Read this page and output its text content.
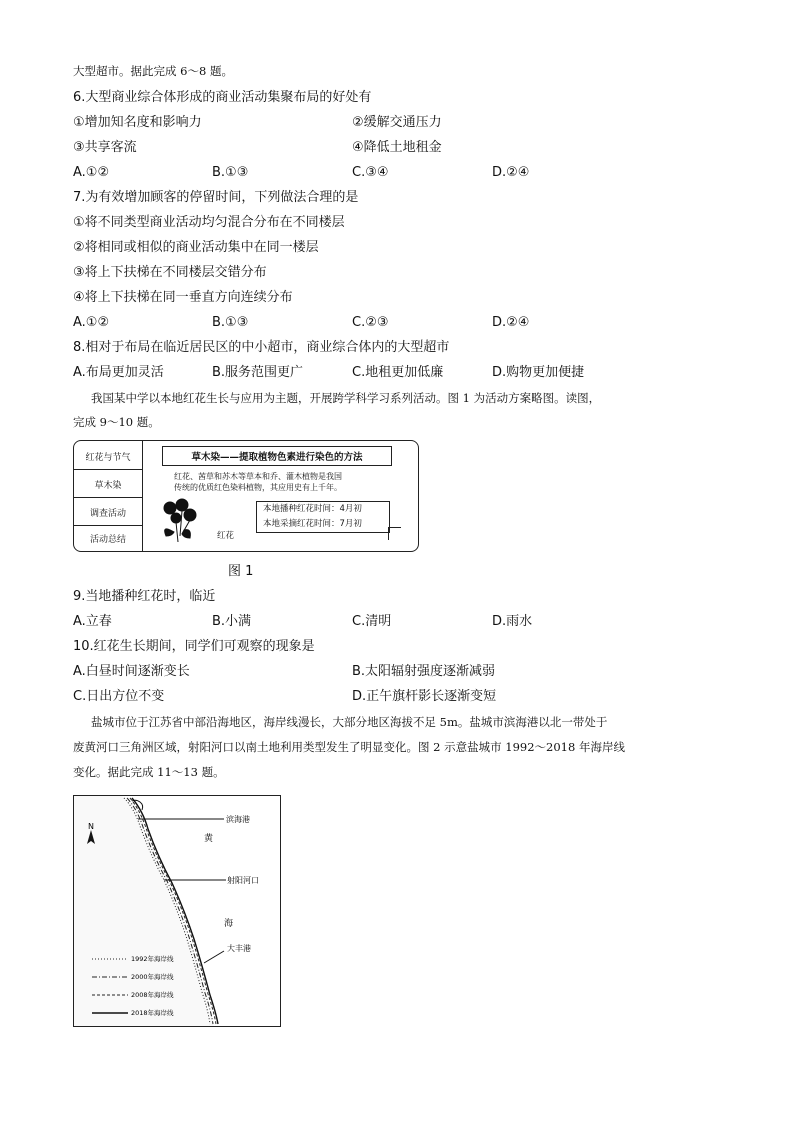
大型超市。据此完成 6～8 题。
6.大型商业综合体形成的商业活动集聚布局的好处有
①增加知名度和影响力	②缓解交通压力
③共享客流	④降低土地租金
A.①②	B.①③	C.③④	D.②④
7.为有效增加顾客的停留时间，下列做法合理的是
①将不同类型商业活动均匀混合分布在不同楼层
②将相同或相似的商业活动集中在同一楼层
③将上下扶梯在不同楼层交错分布
④将上下扶梯在同一垂直方向连续分布
A.①②	B.①③	C.②③	D.②④
8.相对于布局在临近居民区的中小超市，商业综合体内的大型超市
A.布局更加灵活	B.服务范围更广	C.地租更加低廉	D.购物更加便捷
我国某中学以本地红花生长与应用为主题，开展跨学科学习系列活动。图 1 为活动方案略图。读图，
完成 9～10 题。
红花与节气
草木染
调查活动
活动总结
草木染——提取植物色素进行染色的方法
红花、茜草和苏木等草本和乔、灌木植物是我国
传统的优质红色染料植物，其应用史有上千年。
红花
本地播种红花时间：4月初
本地采摘红花时间：7月初
图 1
9.当地播种红花时，临近
A.立春	B.小满	C.清明	D.雨水
10.红花生长期间，同学们可观察的现象是
A.白昼时间逐渐变长	B.太阳辐射强度逐渐减弱
C.日出方位不变	D.正午旗杆影长逐渐变短
盐城市位于江苏省中部沿海地区，海岸线漫长，大部分地区海拔不足 5m。盐城市滨海港以北一带处于
废黄河口三角洲区域，射阳河口以南土地利用类型发生了明显变化。图 2 示意盐城市 1992～2018 年海岸线
变化。据此完成 11～13 题。
N
滨海港
射阳河口
大丰港
黄
海
1992年海岸线
2000年海岸线
2008年海岸线
2018年海岸线
